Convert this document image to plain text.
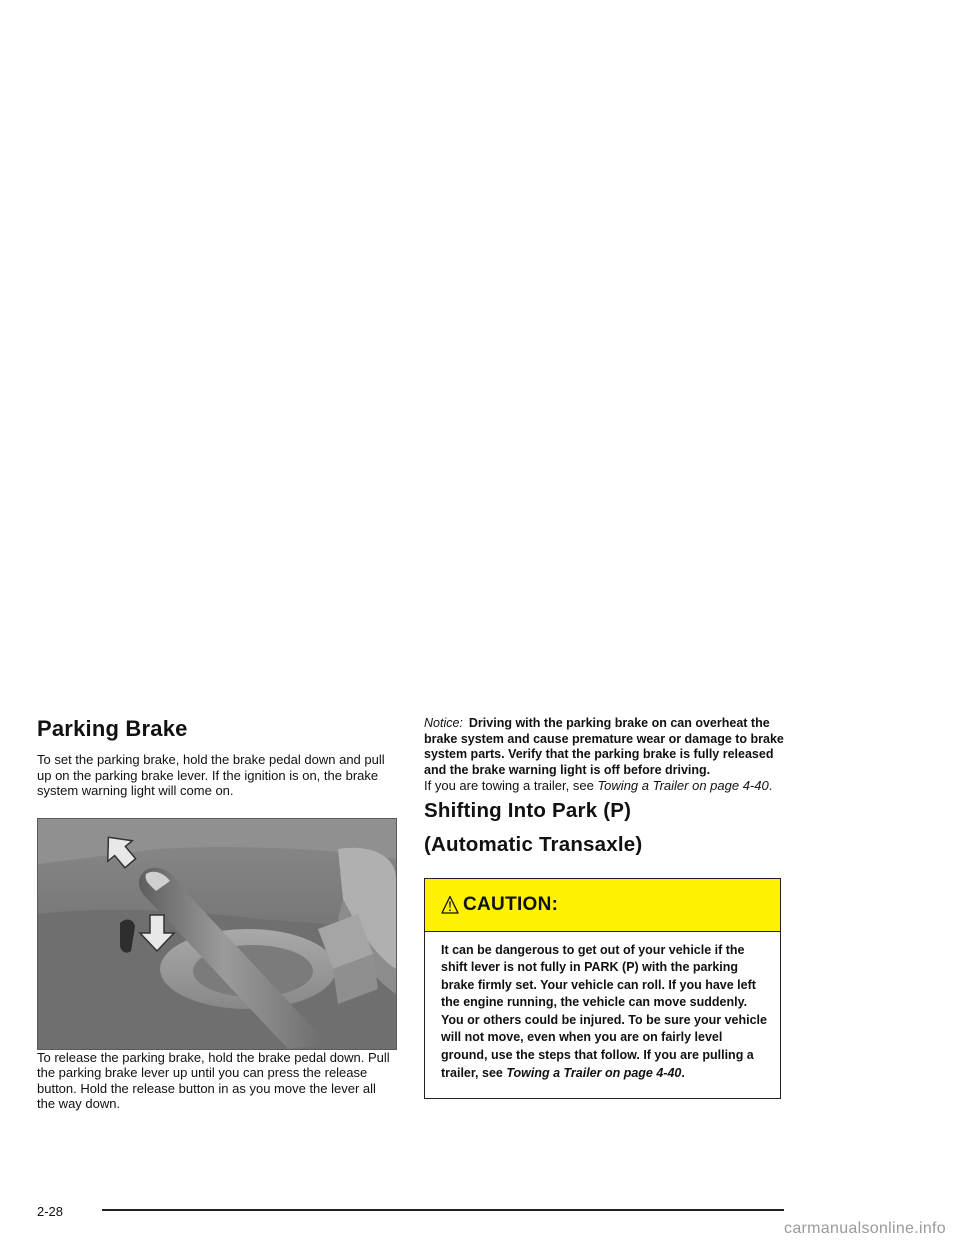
Parking Brake

To set the parking brake, hold the brake pedal down and pull up on the parking brake lever. If the ignition is on, the brake system warning light will come on.

To release the parking brake, hold the brake pedal down. Pull the parking brake lever up until you can press the release button. Hold the release button in as you move the lever all the way down.

Notice: Driving with the parking brake on can overheat the brake system and cause premature wear or damage to brake system parts. Verify that the parking brake is fully released and the brake warning light is off before driving.

If you are towing a trailer, see Towing a Trailer on page 4-40.

Shifting Into Park (P)
(Automatic Transaxle)
CAUTION:
It can be dangerous to get out of your vehicle if the shift lever is not fully in PARK (P) with the parking brake firmly set. Your vehicle can roll. If you have left the engine running, the vehicle can move suddenly. You or others could be injured. To be sure your vehicle will not move, even when you are on fairly level ground, use the steps that follow. If you are pulling a trailer, see Towing a Trailer on page 4-40.
2-28
carmanualsonline.info
